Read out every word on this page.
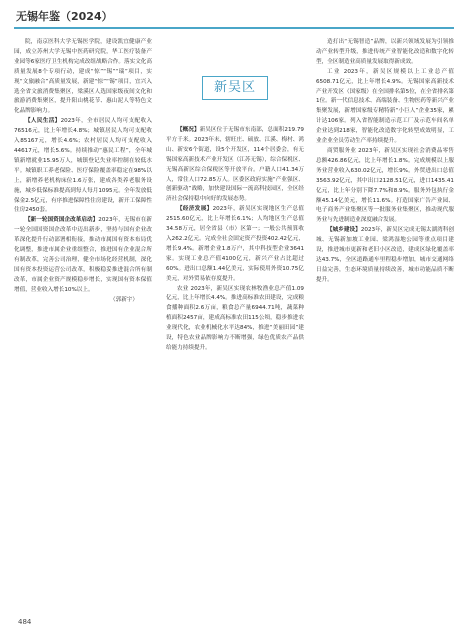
无锡年鉴（2024）

院，南京医科大学无锡医学院，建设凯宜健康产业园，成立苏州大学无锡中医药研究院，华工医疗装备产业园等6家医疗卫生机构完成改组战略合作。落实文化高质量发展8个专项行动，建成“惊”“锡”“瑞”项目，实现“文旅融合”高质量发展，新建“惊”“锡”项目，宜兴入选全省文旅消费集聚区，梁溪区人选国家级夜间文化和旅游消费集聚区，提升阳山桃花节、惠山泥人等特色文化品牌影响力。

【人民生活】2023年，全市居民人均可支配收入76516元，比上年增长4.8%；城镇居民人均可支配收入85167元，增长4.6%；农村居民人均可支配收入44617元，增长5.6%。持续推动“惠民工程”，全年城镇新增就业15.95万人，城镇登记失业率控制在较低水平。城镇职工养老保险、医疗保险覆盖率稳定在98%以上，新增养老机构床位1.6万张，建成各类养老服务设施，城乡低保标准提高到每人每月1095元。全年发放低保金2.5亿元，有序推进保障性住房建设，新开工保障性住房2450套。

【新一轮国资国企改革启动】2023年，无锡市在新一轮全国国资国企改革中迈出新步，坚持与国有企业改革深化提升行动部署相衔接，推动市属国有资本布局优化调整，推进市属企业重组整合，推进国有企业混合所有制改革，完善公司治理，健全市场化经营机制，深化国有资本投资运营公司改革，积极稳妥推进混合所有制改革，市属企业资产规模稳步增长，实现国有资本保值增值，营业收入增长10%以上。

（郭新宇）

新吴区

【概况】新吴区位于无锡市东南部，总面积219.79平方千米。2023年末，辖旺庄、硕放、江溪、梅村、鸿山、新安6个街道，设5个开发区，114个居委会，有无锡国家高新技术产业开发区（江苏无锡），综合保税区、无锡高新区综合保税区等开放平台。户籍人口41.34万人，常住人口72.85万人。区委区政府实施“产业强区、创新驱动”战略，加快建设国际一流高科技园区，全区经济社会保持稳中向好的发展态势。

【经济发展】2023年，新吴区实现地区生产总值2515.60亿元，比上年增长6.1%；人均地区生产总值34.58万元，居全省县（市）区第一；一般公共预算收入262.2亿元。完成全社会固定资产投资402.42亿元，增长9.4%。新增企业1.8万户，其中科技型企业3641家。实现工业总产值4100亿元，新兴产业占比超过60%。进出口总额1.44亿美元，实际使用外资10.75亿美元，对外贸易依存度提升。

农业 2023年，新吴区实现农林牧渔业总产值1.09亿元，比上年增长4.4%。推进高标准农田建设，完成粮食播种面积2.6万亩，粮食总产量6944.71吨，蔬菜种植面积2457亩，建成高标准农田115公顷，稳步推进农业现代化，农业机械化水平达84%，推进“美丽田园”建设，特色农业品牌影响力不断增强，绿色优质农产品供给能力持续提升。

造打出“无锡智造”品牌，以新兴领域发展为引领推动产业转型升级，推进传统产业智能化改造和数字化转型，全区制造业高质量发展取得新成效。

工业 2023年，新吴区规模以上工业总产值6508.71亿元，比上年增长4.9%。无锡国家高新技术产业开发区（国家级）在全国排名第5位，在全省排名第1位。新一代信息技术、高端装备、生物医药等新兴产业集聚发展，新增国家级专精特新“小巨人”企业35家，累计达106家。列入省智能制造示范工厂及示范车间名单企业达到218家，智能化改造数字化转型成效明显，工业企业全员劳动生产率持续提升。

商贸服务业 2023年，新吴区实现社会消费品零售总额426.86亿元，比上年增长1.8%。完成规模以上服务业营业收入630.02亿元，增长9%。外贸进出口总值3563.92亿元，其中出口2128.51亿元，进口1435.41亿元，比上年分别下降7.7%和8.9%。服务外包执行金额45.14亿美元，增长11.6%。打造国家广告产业园、电子商务产业集聚区等一批服务业集聚区，推动现代服务业与先进制造业深度融合发展。

【城乡建设】2023年，新吴区完成无锡太湖湾科创城、无锡新加坡工业园、梁鸿湿地公园等重点项目建设，推进城市更新和老旧小区改造，建成区绿化覆盖率达43.7%，全区道路通车里程稳步增加，城市交通网络日益完善，生态环境质量持续改善，城市功能品质不断提升。

484
